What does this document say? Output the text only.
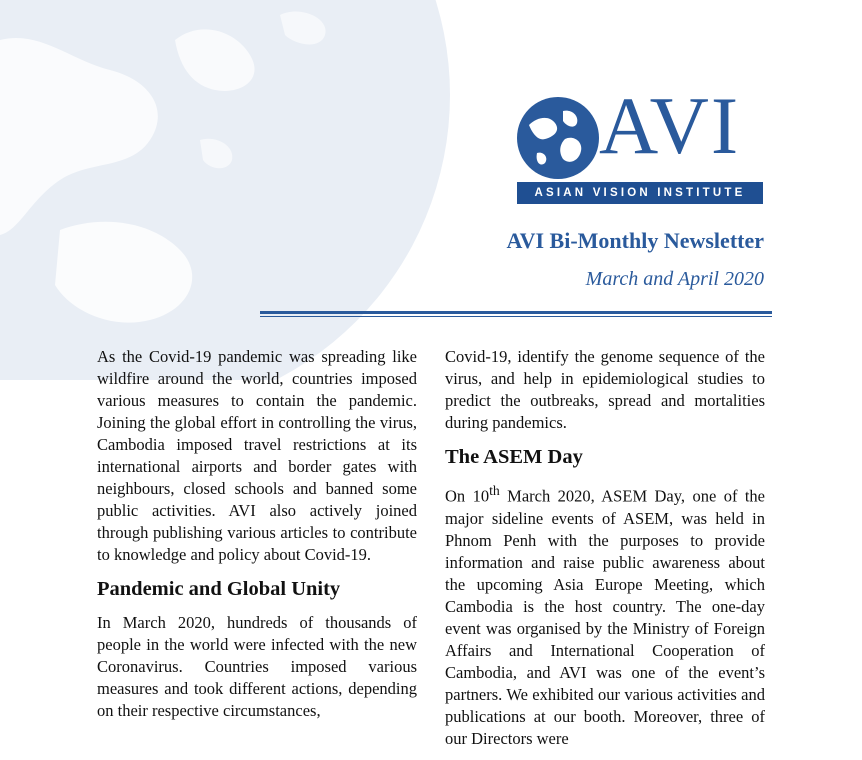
AVI
ASIAN VISION INSTITUTE
AVI Bi-Monthly Newsletter
March and April 2020

As the Covid-19 pandemic was spreading like wildfire around the world, countries imposed various measures to contain the pandemic. Joining the global effort in controlling the virus, Cambodia imposed travel restrictions at its international airports and border gates with neighbours, closed schools and banned some public activities. AVI also actively joined through publishing various articles to contribute to knowledge and policy about Covid-19.

Pandemic and Global Unity

In March 2020, hundreds of thousands of people in the world were infected with the new Coronavirus. Countries imposed various measures and took different actions, depending on their respective circumstances,

Covid-19, identify the genome sequence of the virus, and help in epidemiological studies to predict the outbreaks, spread and mortalities during pandemics.

The ASEM Day

On 10th March 2020, ASEM Day, one of the major sideline events of ASEM, was held in Phnom Penh with the purposes to provide information and raise public awareness about the upcoming Asia Europe Meeting, which Cambodia is the host country. The one-day event was organised by the Ministry of Foreign Affairs and International Cooperation of Cambodia, and AVI was one of the event’s partners. We exhibited our various activities and publications at our booth. Moreover, three of our Directors were
